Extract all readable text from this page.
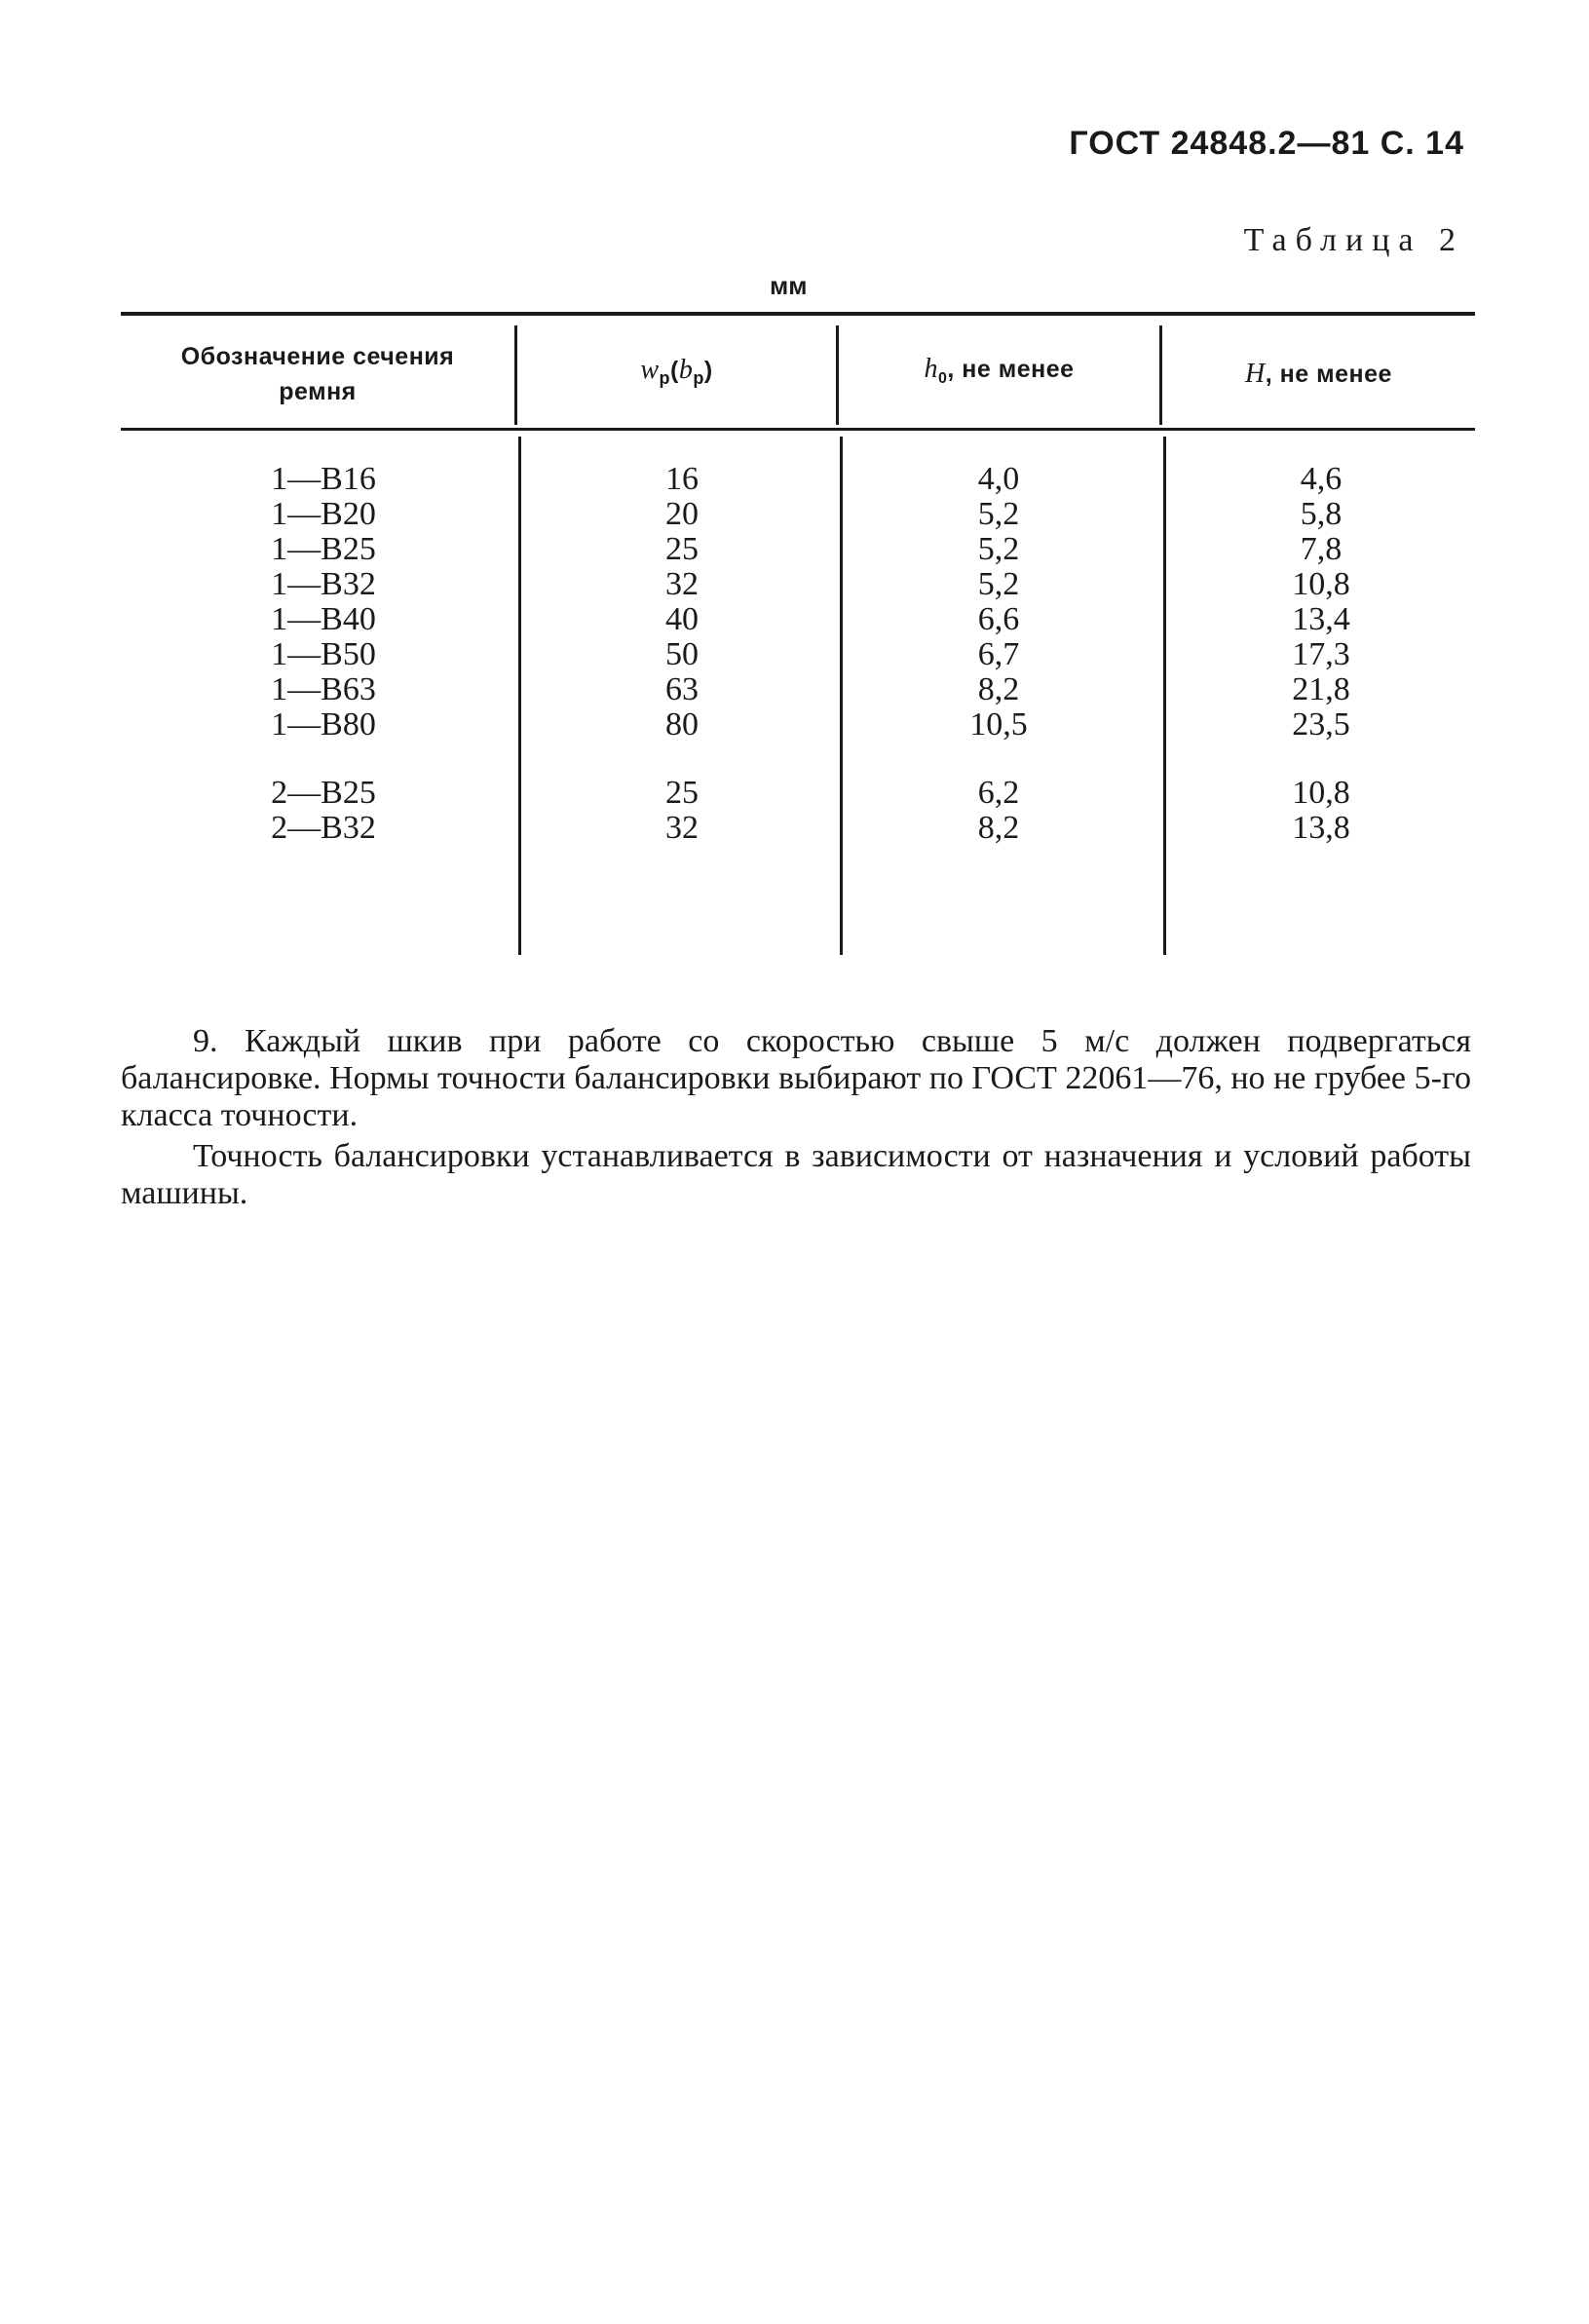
ГОСТ 24848.2—81 С. 14
Таблица 2
мм
Обозначение сечения ремня
$w_p(b_p)$	$h_0$, не менее	H, не менее
1—B16
1—B20
1—B25
1—B32
1—B40
1—B50
1—B63
1—B80
2—B25
2—B32
16
20
25
32
40
50
63
80
25
32
4,0
5,2
5,2
5,2
6,6
6,7
8,2
10,5
6,2
8,2
4,6
5,8
7,8
10,8
13,4
17,3
21,8
23,5
10,8
13,8
9. Каждый шкив при работе со скоростью свыше 5 м/с должен подвергаться балансировке. Нормы точности балансировки выбирают по ГОСТ 22061—76, но не грубее 5-го класса точности.
Точность балансировки устанавливается в зависимости от назначения и условий работы машины.
